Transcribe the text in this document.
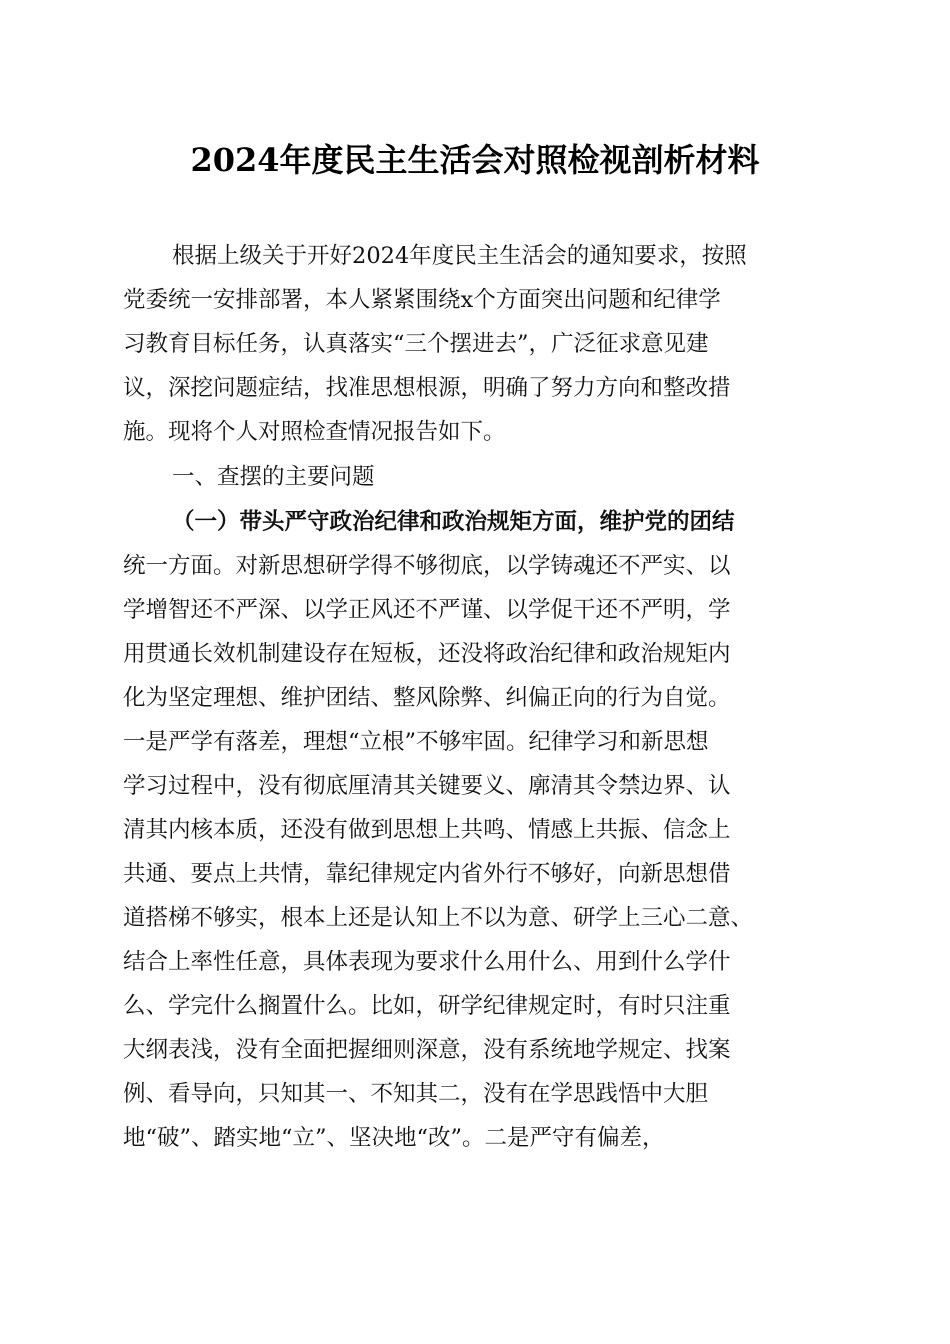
2024年度民主生活会对照检视剖析材料

根据上级关于开好2024年度民主生活会的通知要求，按照

党委统一安排部署，本人紧紧围绕x个方面突出问题和纪律学

习教育目标任务，认真落实“三个摆进去”，广泛征求意见建

议，深挖问题症结，找准思想根源，明确了努力方向和整改措

施。现将个人对照检查情况报告如下。

一、查摆的主要问题

（一）带头严守政治纪律和政治规矩方面，维护党的团结

统一方面。对新思想研学得不够彻底，以学铸魂还不严实、以

学增智还不严深、以学正风还不严谨、以学促干还不严明，学

用贯通长效机制建设存在短板，还没将政治纪律和政治规矩内

化为坚定理想、维护团结、整风除弊、纠偏正向的行为自觉。

一是严学有落差，理想“立根”不够牢固。纪律学习和新思想

学习过程中，没有彻底厘清其关键要义、廓清其令禁边界、认

清其内核本质，还没有做到思想上共鸣、情感上共振、信念上

共通、要点上共情，靠纪律规定内省外行不够好，向新思想借

道搭梯不够实，根本上还是认知上不以为意、研学上三心二意、

结合上率性任意，具体表现为要求什么用什么、用到什么学什

么、学完什么搁置什么。比如，研学纪律规定时，有时只注重

大纲表浅，没有全面把握细则深意，没有系统地学规定、找案

例、看导向，只知其一、不知其二，没有在学思践悟中大胆

地“破”、踏实地“立”、坚决地“改”。二是严守有偏差，
